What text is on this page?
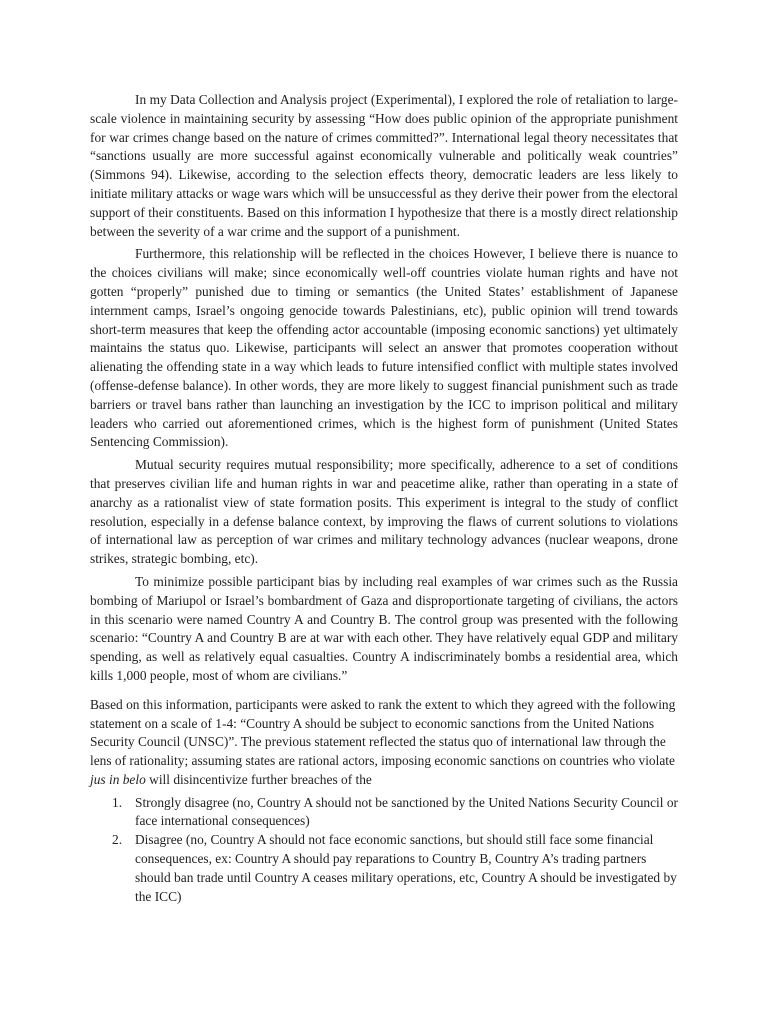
In my Data Collection and Analysis project (Experimental), I explored the role of retaliation to large-scale violence in maintaining security by assessing “How does public opinion of the appropriate punishment for war crimes change based on the nature of crimes committed?”. International legal theory necessitates that “sanctions usually are more successful against economically vulnerable and politically weak countries” (Simmons 94). Likewise, according to the selection effects theory, democratic leaders are less likely to initiate military attacks or wage wars which will be unsuccessful as they derive their power from the electoral support of their constituents. Based on this information I hypothesize that there is a mostly direct relationship between the severity of a war crime and the support of a punishment.

Furthermore, this relationship will be reflected in the choices However, I believe there is nuance to the choices civilians will make; since economically well-off countries violate human rights and have not gotten “properly” punished due to timing or semantics (the United States’ establishment of Japanese internment camps, Israel’s ongoing genocide towards Palestinians, etc), public opinion will trend towards short-term measures that keep the offending actor accountable (imposing economic sanctions) yet ultimately maintains the status quo. Likewise, participants will select an answer that promotes cooperation without alienating the offending state in a way which leads to future intensified conflict with multiple states involved (offense-defense balance). In other words, they are more likely to suggest financial punishment such as trade barriers or travel bans rather than launching an investigation by the ICC to imprison political and military leaders who carried out aforementioned crimes, which is the highest form of punishment (United States Sentencing Commission).

Mutual security requires mutual responsibility; more specifically, adherence to a set of conditions that preserves civilian life and human rights in war and peacetime alike, rather than operating in a state of anarchy as a rationalist view of state formation posits. This experiment is integral to the study of conflict resolution, especially in a defense balance context, by improving the flaws of current solutions to violations of international law as perception of war crimes and military technology advances (nuclear weapons, drone strikes, strategic bombing, etc).

To minimize possible participant bias by including real examples of war crimes such as the Russia bombing of Mariupol or Israel’s bombardment of Gaza and disproportionate targeting of civilians, the actors in this scenario were named Country A and Country B. The control group was presented with the following scenario: “Country A and Country B are at war with each other. They have relatively equal GDP and military spending, as well as relatively equal casualties. Country A indiscriminately bombs a residential area, which kills 1,000 people, most of whom are civilians.”

Based on this information, participants were asked to rank the extent to which they agreed with the following statement on a scale of 1-4: “Country A should be subject to economic sanctions from the United Nations Security Council (UNSC)”. The previous statement reflected the status quo of international law through the lens of rationality; assuming states are rational actors, imposing economic sanctions on countries who violate jus in belo will disincentivize further breaches of the

1. Strongly disagree (no, Country A should not be sanctioned by the United Nations Security Council or face international consequences)
2. Disagree (no, Country A should not face economic sanctions, but should still face some financial consequences, ex: Country A should pay reparations to Country B, Country A’s trading partners should ban trade until Country A ceases military operations, etc, Country A should be investigated by the ICC)
